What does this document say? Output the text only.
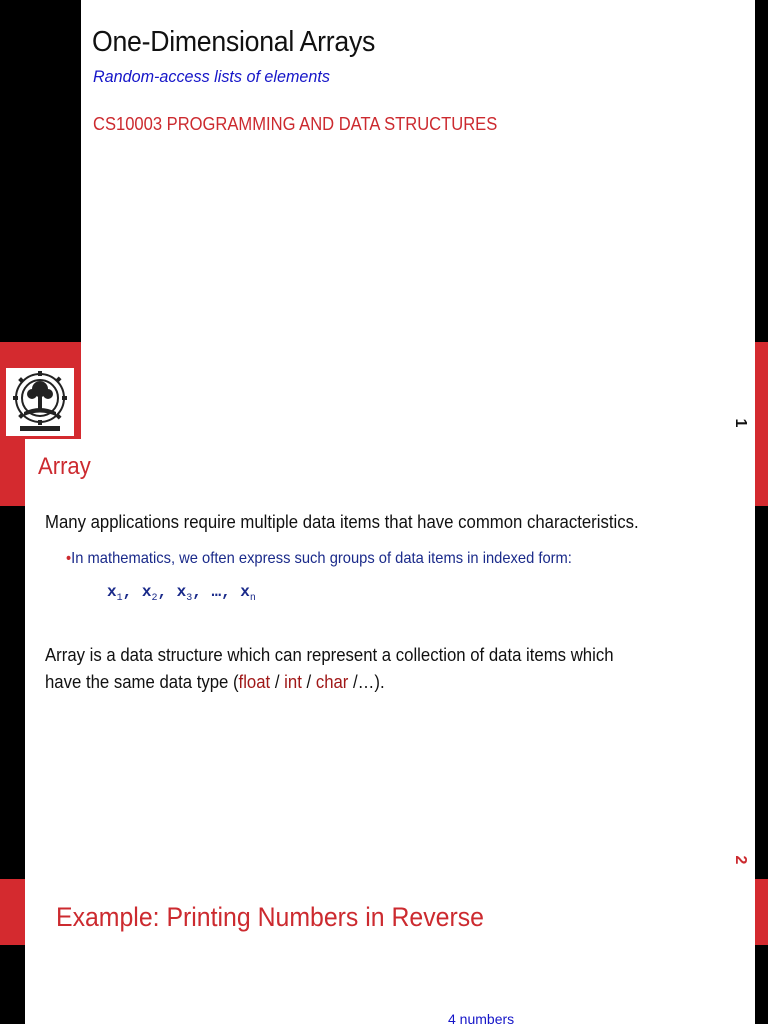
One-Dimensional Arrays
Random-access lists of elements
CS10003 PROGRAMMING AND DATA STRUCTURES
1
Array
Many applications require multiple data items that have common characteristics.
•In mathematics, we often express such groups of data items in indexed form:
$x_1$, $x_2$, $x_3$, …, $x_n$
Array is a data structure which can represent a collection of data items which
have the same data type (float / int / char /…).
2
Example: Printing Numbers in Reverse
4 numbers
